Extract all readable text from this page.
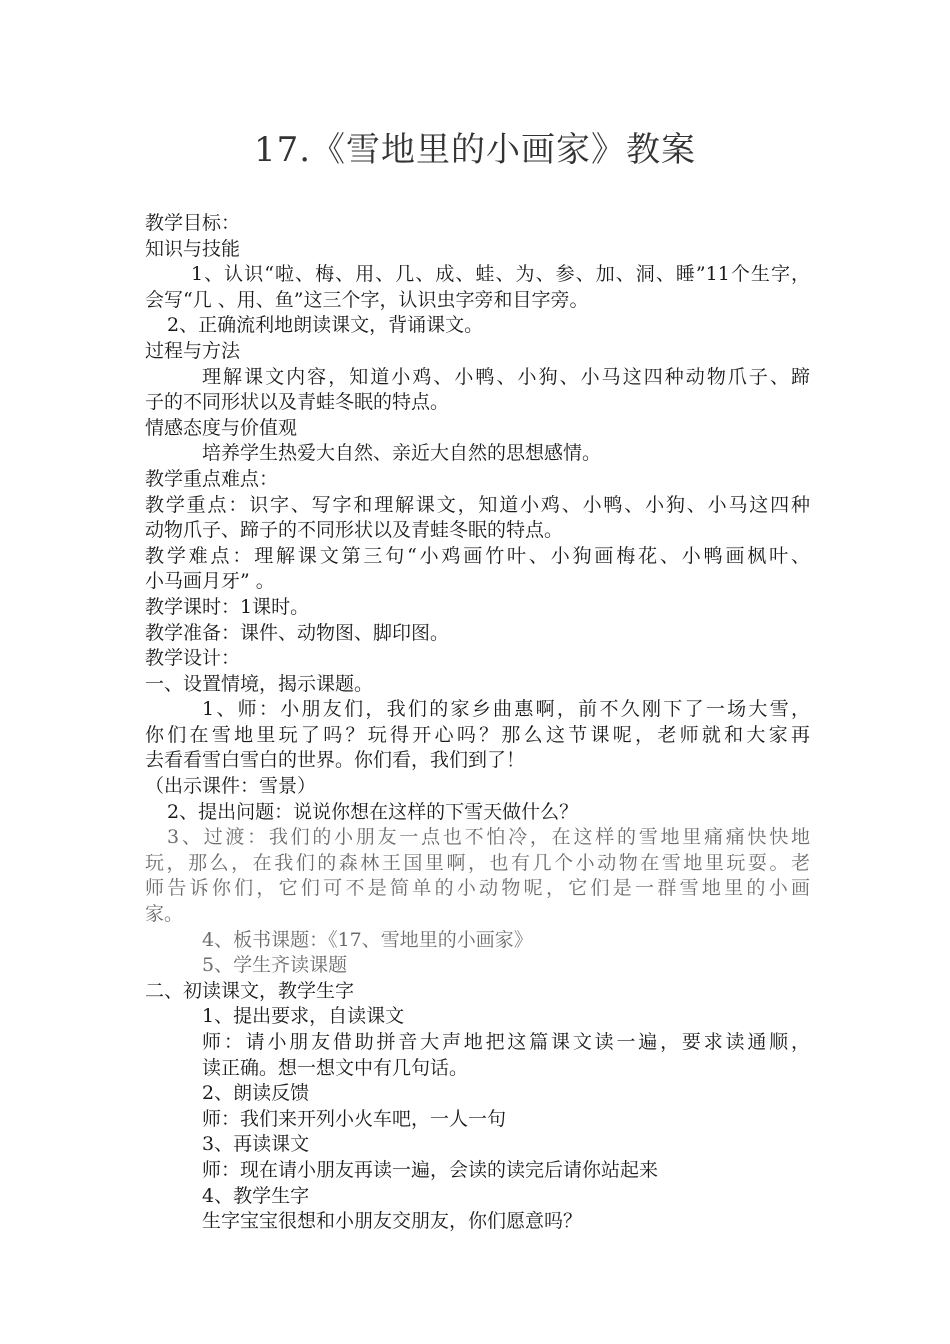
17.《雪地里的小画家》教案
教学目标：
知识与技能
1、认识“啦、梅、用、几、成、蛙、为、参、加、洞、睡”11个生字，
会写“几 、用、鱼”这三个字，认识虫字旁和目字旁。
2、正确流利地朗读课文，背诵课文。
过程与方法
理解课文内容，知道小鸡、小鸭、小狗、小马这四种动物爪子、蹄
子的不同形状以及青蛙冬眠的特点。
情感态度与价值观
培养学生热爱大自然、亲近大自然的思想感情。
教学重点难点：
教学重点：识字、写字和理解课文，知道小鸡、小鸭、小狗、小马这四种
动物爪子、蹄子的不同形状以及青蛙冬眠的特点。
教学难点：理解课文第三句“小鸡画竹叶、小狗画梅花、小鸭画枫叶、
小马画月牙” 。
教学课时：1课时。
教学准备：课件、动物图、脚印图。
教学设计：
一、设置情境，揭示课题。
1、师：小朋友们，我们的家乡曲惠啊，前不久刚下了一场大雪，
你们在雪地里玩了吗？玩得开心吗？那么这节课呢，老师就和大家再
去看看雪白雪白的世界。你们看，我们到了！
（出示课件：雪景）
2、提出问题：说说你想在这样的下雪天做什么？
3、过渡：我们的小朋友一点也不怕冷，在这样的雪地里痛痛快快地
玩，那么，在我们的森林王国里啊，也有几个小动物在雪地里玩耍。老
师告诉你们，它们可不是简单的小动物呢，它们是一群雪地里的小画
家。
4、板书课题：《17、雪地里的小画家》
5、学生齐读课题
二、初读课文，教学生字
1、提出要求，自读课文
师：请小朋友借助拼音大声地把这篇课文读一遍，要求读通顺，
读正确。想一想文中有几句话。
2、朗读反馈
师：我们来开列小火车吧，一人一句
3、再读课文
师：现在请小朋友再读一遍，会读的读完后请你站起来
4、教学生字
生字宝宝很想和小朋友交朋友，你们愿意吗？
